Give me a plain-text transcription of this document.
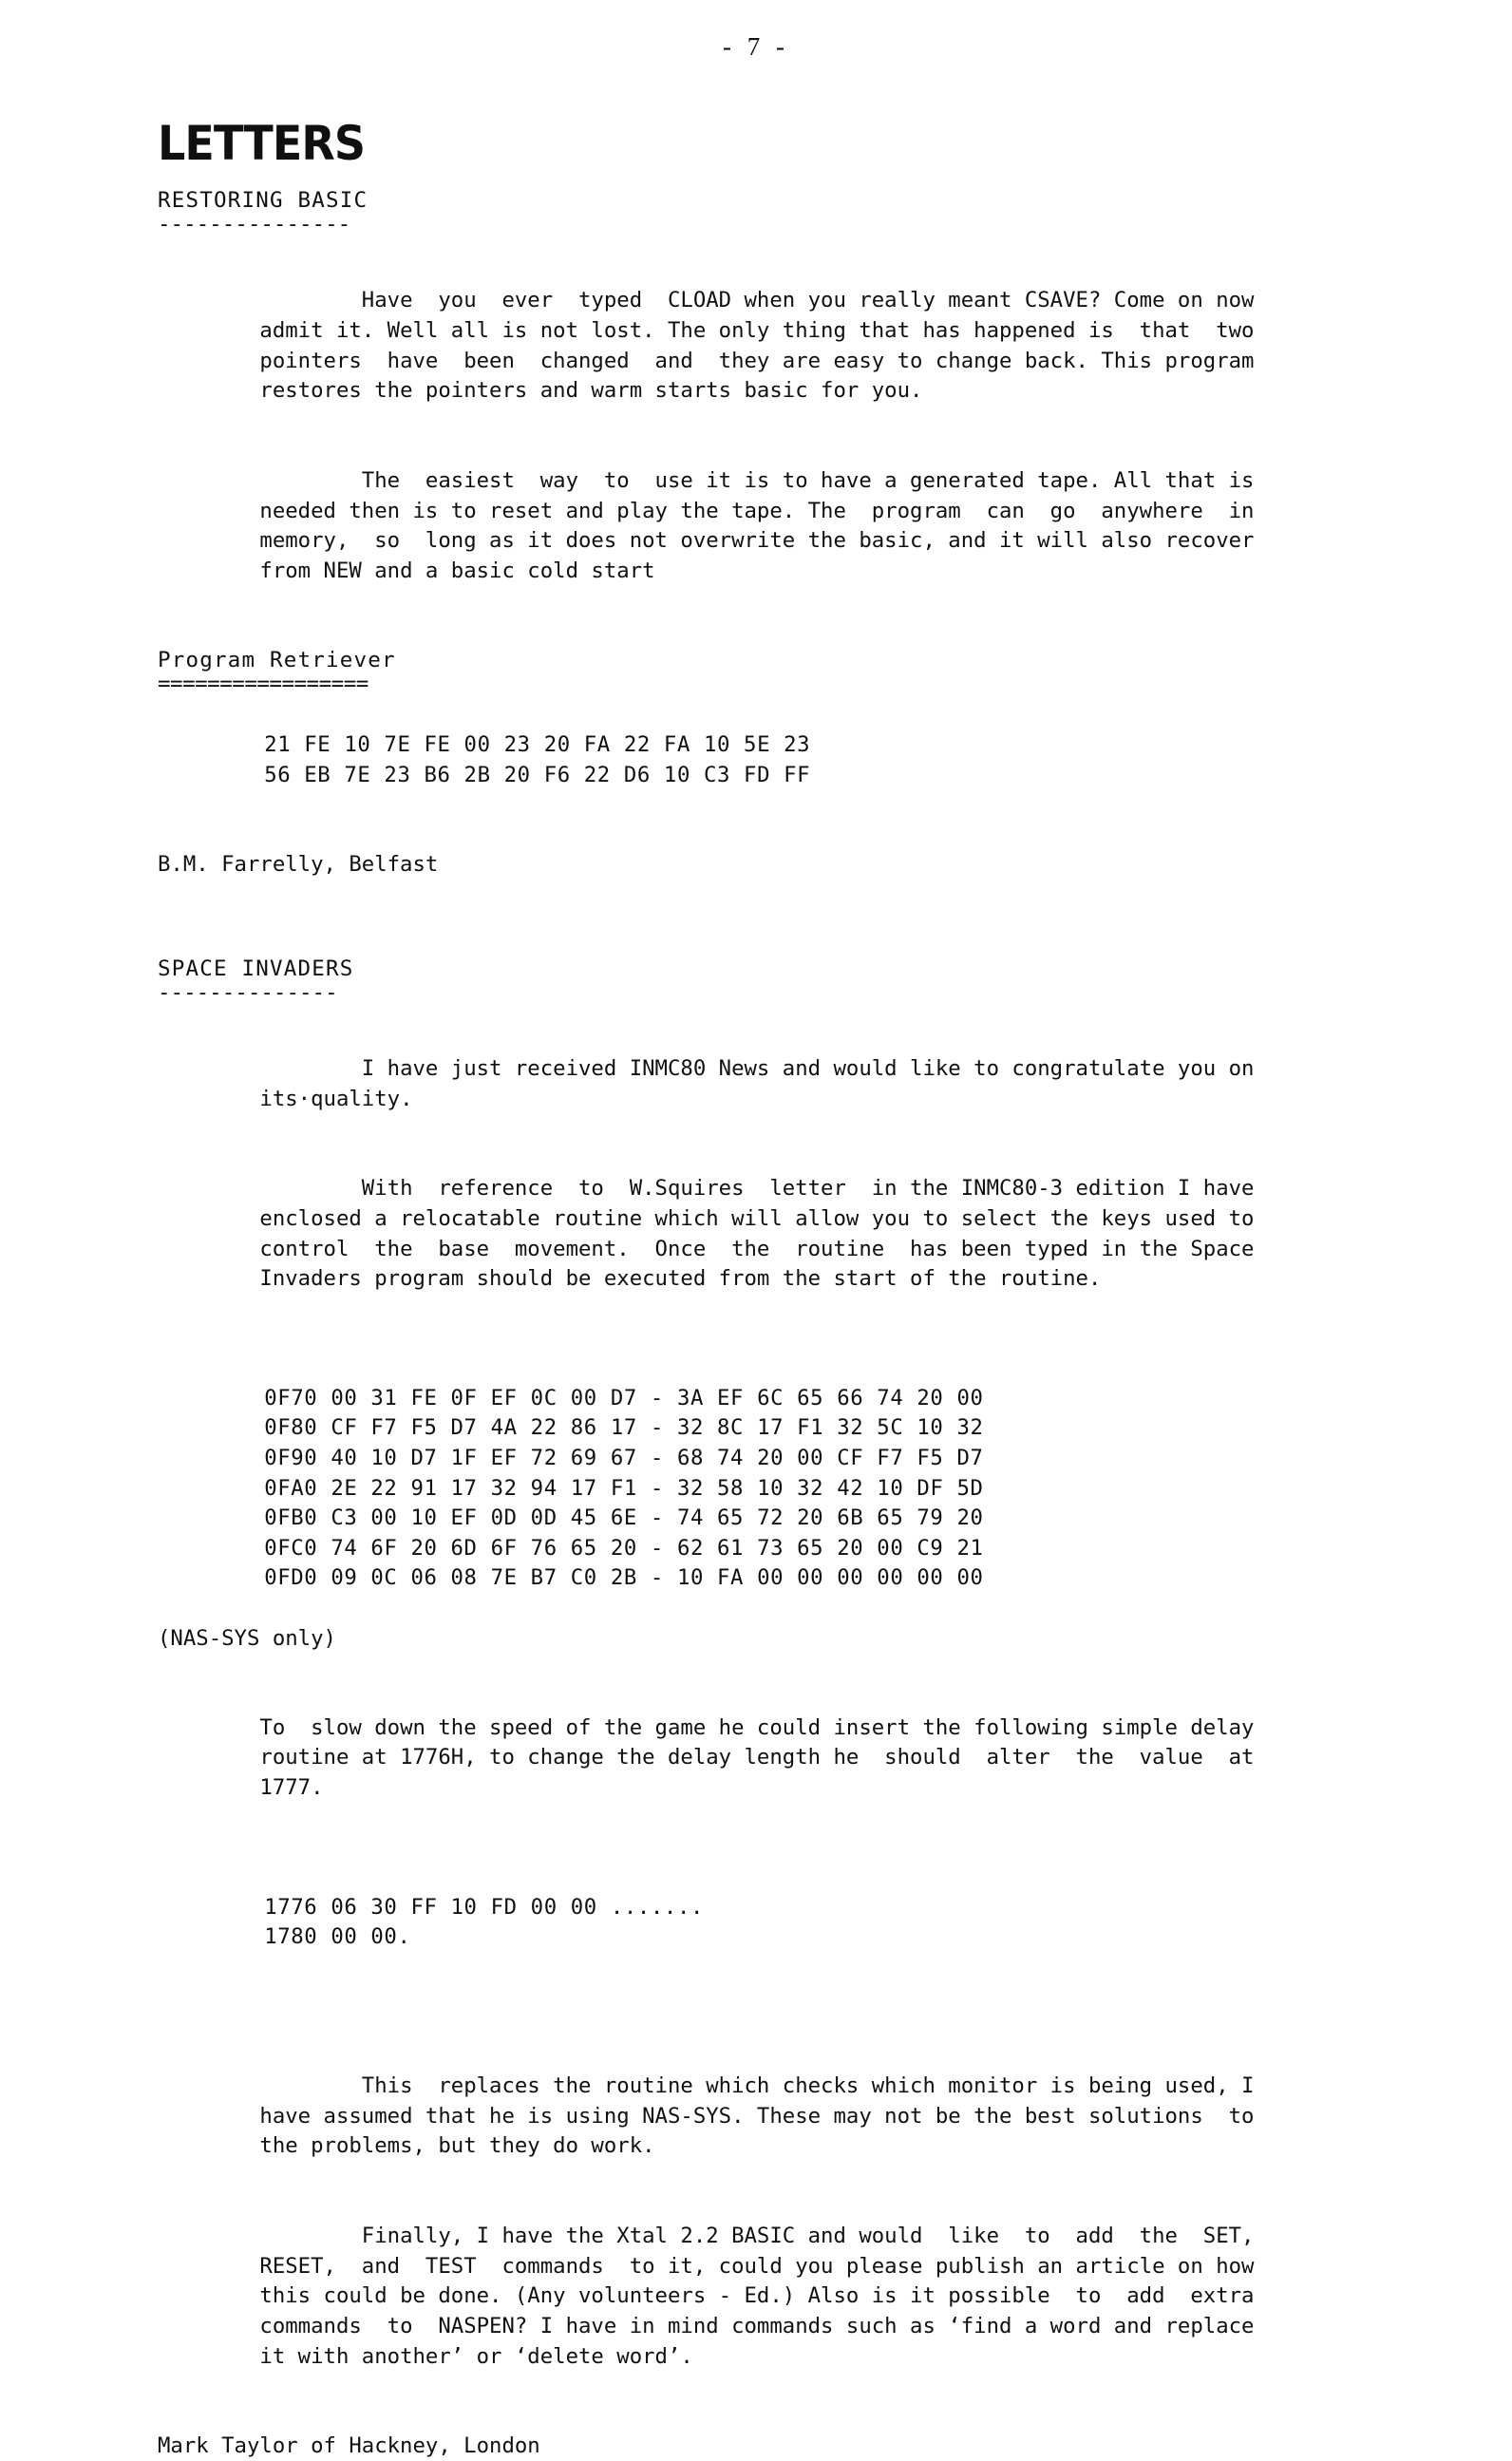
- 7 -
LETTERS
RESTORING BASIC
---------------

Have  you  ever  typed  CLOAD when you really meant CSAVE? Come on now
admit it. Well all is not lost. The only thing that has happened is  that  two
pointers  have  been  changed  and  they are easy to change back. This program
restores the pointers and warm starts basic for you.

The  easiest  way  to  use it is to have a generated tape. All that is
needed then is to reset and play the tape. The  program  can  go  anywhere  in
memory,  so  long as it does not overwrite the basic, and it will also recover
from NEW and a basic cold start

Program Retriever
=================

21 FE 10 7E FE 00 23 20 FA 22 FA 10 5E 23
56 EB 7E 23 B6 2B 20 F6 22 D6 10 C3 FD FF

B.M. Farrelly, Belfast
SPACE INVADERS
--------------

I have just received INMC80 News and would like to congratulate you on
its·quality.

With  reference  to  W.Squires  letter  in the INMC80-3 edition I have
enclosed a relocatable routine which will allow you to select the keys used to
control  the  base  movement.  Once  the  routine  has been typed in the Space
Invaders program should be executed from the start of the routine.

0F70 00 31 FE 0F EF 0C 00 D7 - 3A EF 6C 65 66 74 20 00
0F80 CF F7 F5 D7 4A 22 86 17 - 32 8C 17 F1 32 5C 10 32
0F90 40 10 D7 1F EF 72 69 67 - 68 74 20 00 CF F7 F5 D7
0FA0 2E 22 91 17 32 94 17 F1 - 32 58 10 32 42 10 DF 5D
0FB0 C3 00 10 EF 0D 0D 45 6E - 74 65 72 20 6B 65 79 20
0FC0 74 6F 20 6D 6F 76 65 20 - 62 61 73 65 20 00 C9 21
0FD0 09 0C 06 08 7E B7 C0 2B - 10 FA 00 00 00 00 00 00

(NAS-SYS only)

To  slow down the speed of the game he could insert the following simple delay
routine at 1776H, to change the delay length he  should  alter  the  value  at
1777.

1776 06 30 FF 10 FD 00 00 .......
1780 00 00.

This  replaces the routine which checks which monitor is being used, I
have assumed that he is using NAS-SYS. These may not be the best solutions  to
the problems, but they do work.

Finally, I have the Xtal 2.2 BASIC and would  like  to  add  the  SET,
RESET,  and  TEST  commands  to it, could you please publish an article on how
this could be done. (Any volunteers - Ed.) Also is it possible  to  add  extra
commands  to  NASPEN? I have in mind commands such as ‘find a word and replace
it with another’ or ‘delete word’.

Mark Taylor of Hackney, London
